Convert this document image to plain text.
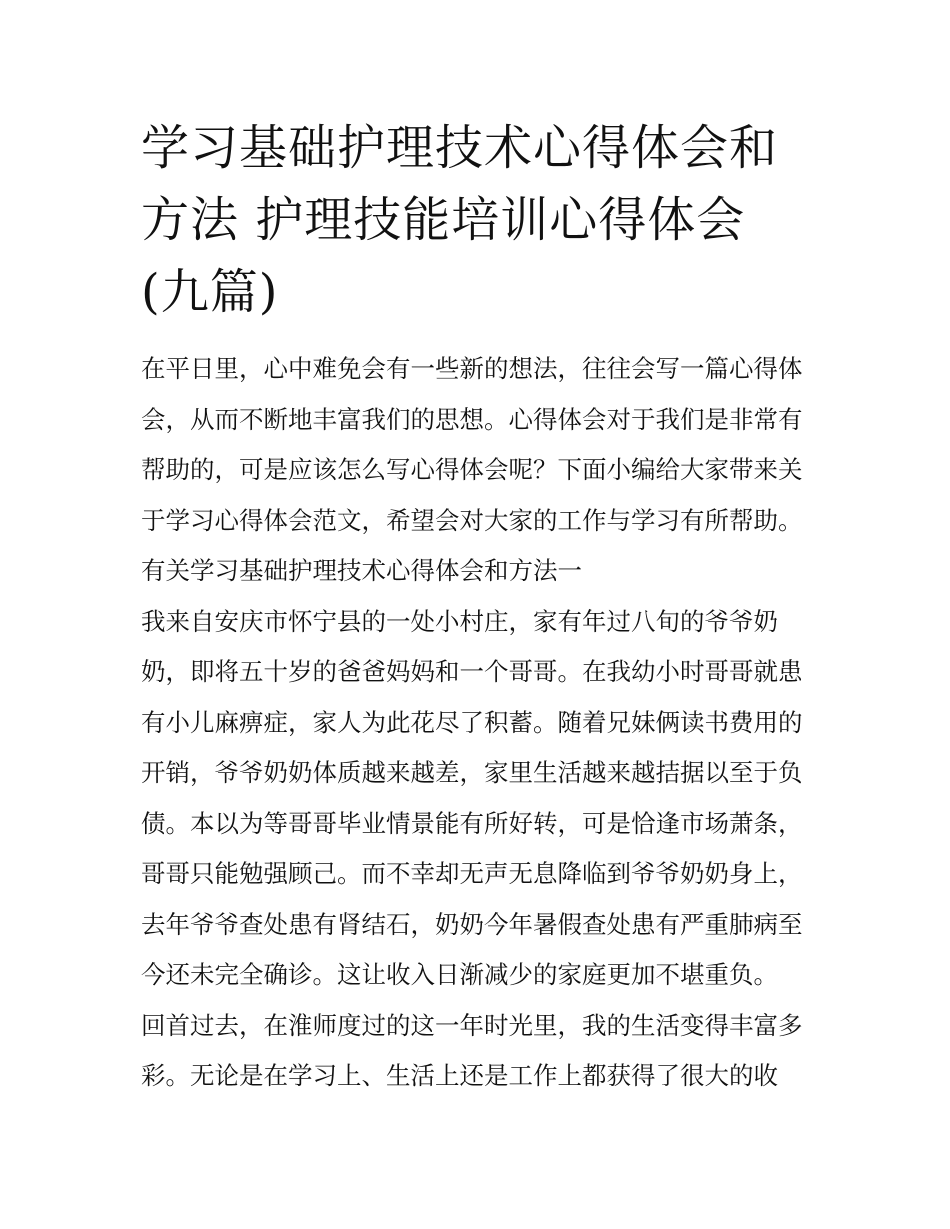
学习基础护理技术心得体会和
方法 护理技能培训心得体会
(九篇)
在平日里，心中难免会有一些新的想法，往往会写一篇心得体
会，从而不断地丰富我们的思想。心得体会对于我们是非常有
帮助的，可是应该怎么写心得体会呢？下面小编给大家带来关
于学习心得体会范文，希望会对大家的工作与学习有所帮助。
有关学习基础护理技术心得体会和方法一
我来自安庆市怀宁县的一处小村庄，家有年过八旬的爷爷奶
奶，即将五十岁的爸爸妈妈和一个哥哥。在我幼小时哥哥就患
有小儿麻痹症，家人为此花尽了积蓄。随着兄妹俩读书费用的
开销，爷爷奶奶体质越来越差，家里生活越来越拮据以至于负
债。本以为等哥哥毕业情景能有所好转，可是恰逢市场萧条，
哥哥只能勉强顾己。而不幸却无声无息降临到爷爷奶奶身上，
去年爷爷查处患有肾结石，奶奶今年暑假查处患有严重肺病至
今还未完全确诊。这让收入日渐减少的家庭更加不堪重负。
回首过去，在淮师度过的这一年时光里，我的生活变得丰富多
彩。无论是在学习上、生活上还是工作上都获得了很大的收
